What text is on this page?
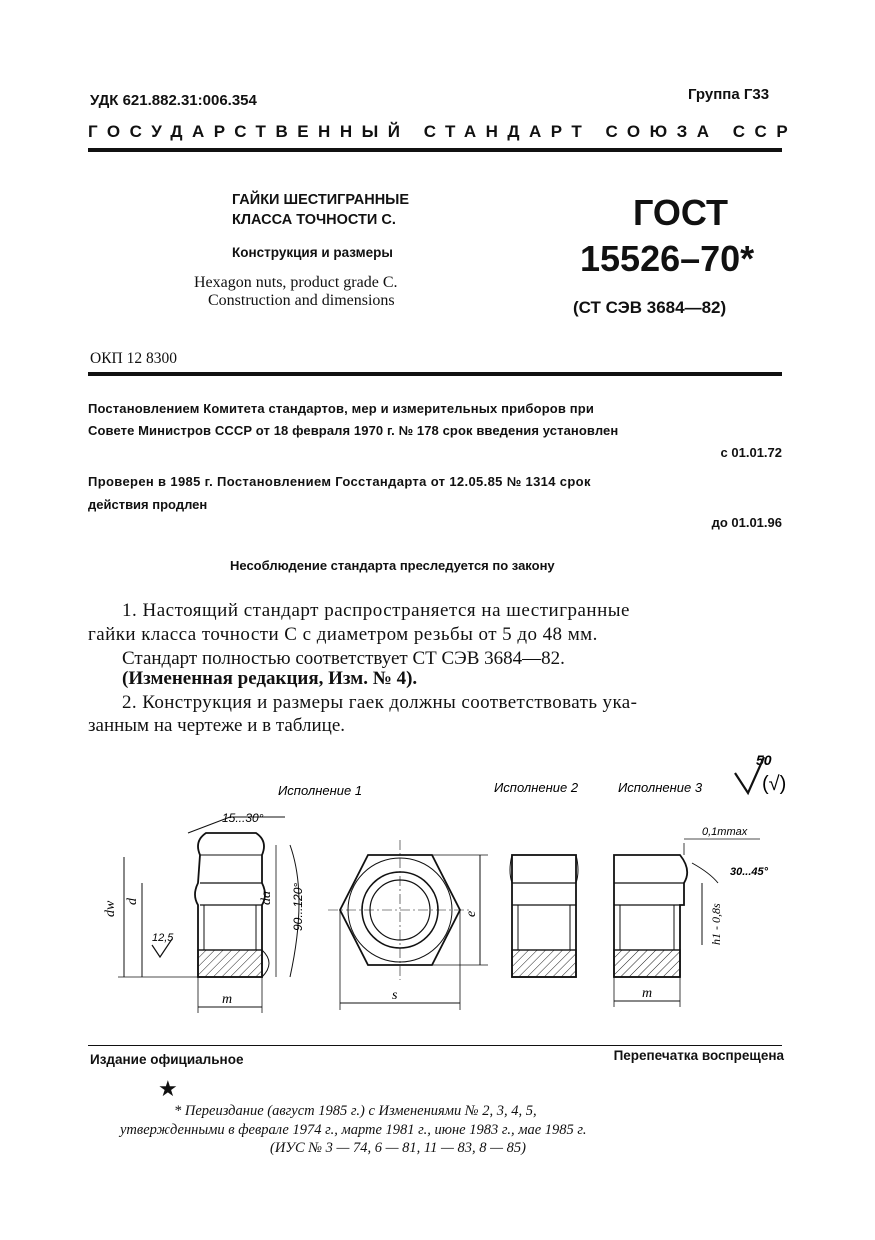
УДК 621.882.31:006.354	Группа Г33
ГОСУДАРСТВЕННЫЙ СТАНДАРТ СОЮЗА ССР
ГАЙКИ ШЕСТИГРАННЫЕ
КЛАССА ТОЧНОСТИ С.
Конструкция и размеры
Hexagon nuts, product grade C.
Construction and dimensions
ГОСТ
15526–70*
(СТ СЭВ 3684—82)
ОКП 12 8300
Постановлением Комитета стандартов, мер и измерительных приборов при
Совете Министров СССР от 18 февраля 1970 г. № 178 срок введения установлен
с 01.01.72
Проверен в 1985 г. Постановлением Госстандарта от 12.05.85 № 1314 срок
действия продлен
до 01.01.96
Несоблюдение стандарта преследуется по закону
1. Настоящий стандарт распространяется на шестигранные
гайки класса точности С с диаметром резьбы от 5 до 48 мм.
Стандарт полностью соответствует СТ СЭВ 3684—82.
(Измененная редакция, Изм. № 4).
2. Конструкция и размеры гаек должны соответствовать ука-
занным на чертеже и в таблице.
Исполнение 1	Исполнение 2	Исполнение 3
50
(√)
15...30°
dw d
12,5
da 90...120°
m
e
s
0,1mmax
30...45°
h1 - 0,8s
m
Издание официальное	Перепечатка воспрещена
★
* Переиздание (август 1985 г.) с Изменениями № 2, 3, 4, 5,
утвержденными в феврале 1974 г., марте 1981 г., июне 1983 г., мае 1985 г.
(ИУС № 3 — 74, 6 — 81, 11 — 83, 8 — 85)
